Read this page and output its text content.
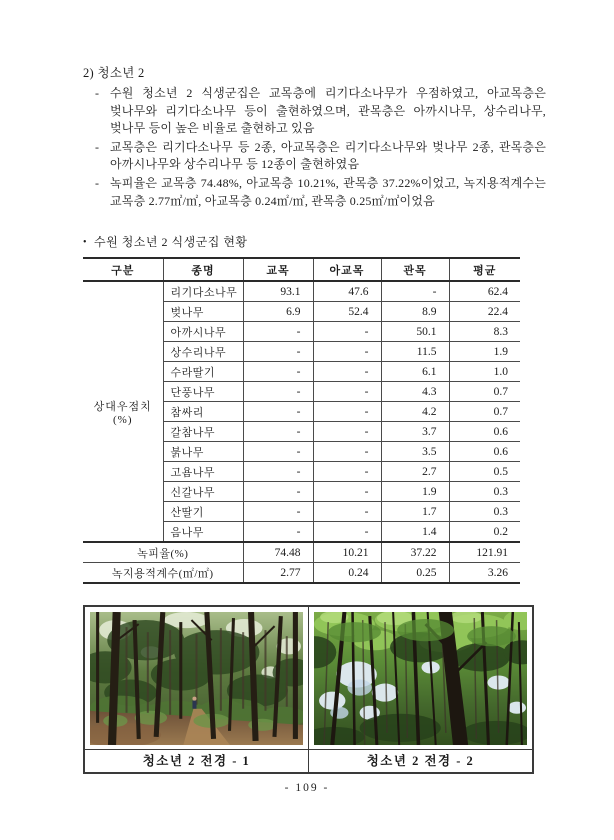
2) 청소년 2
- 수원 청소년 2 식생군집은 교목층에 리기다소나무가 우점하였고, 아교목층은 벚나무와 리기다소나무 등이 출현하였으며, 관목층은 아까시나무, 상수리나무, 벚나무 등이 높은 비율로 출현하고 있음
- 교목층은 리기다소나무 등 2종, 아교목층은 리기다소나무와 벚나무 2종, 관목층은 아까시나무와 상수리나무 등 12종이 출현하였음
- 녹피율은 교목층 74.48%, 아교목층 10.21%, 관목층 37.22%이었고, 녹지용적계수는 교목층 2.77㎡/㎡, 아교목층 0.24㎡/㎡, 관목층 0.25㎡/㎡이었음
• 수원 청소년 2 식생군집 현황
구분	종명	교목	아교목	관목	평균

상대우점치
(%)	리기다소나무	93.1	47.6	-	62.4
	벚나무	6.9	52.4	8.9	22.4
	아까시나무	-	-	50.1	8.3
	상수리나무	-	-	11.5	1.9
	수라딸기	-	-	6.1	1.0
	단풍나무	-	-	4.3	0.7
	참싸리	-	-	4.2	0.7
	갈참나무	-	-	3.7	0.6
	붉나무	-	-	3.5	0.6
	고욤나무	-	-	2.7	0.5
	신갈나무	-	-	1.9	0.3
	산딸기	-	-	1.7	0.3
	음나무	-	-	1.4	0.2
녹피율(%)		74.48	10.21	37.22	121.91
녹지용적계수(㎡/㎡)		2.77	0.24	0.25	3.26
청소년 2 전경 - 1	청소년 2 전경 - 2
- 109 -
